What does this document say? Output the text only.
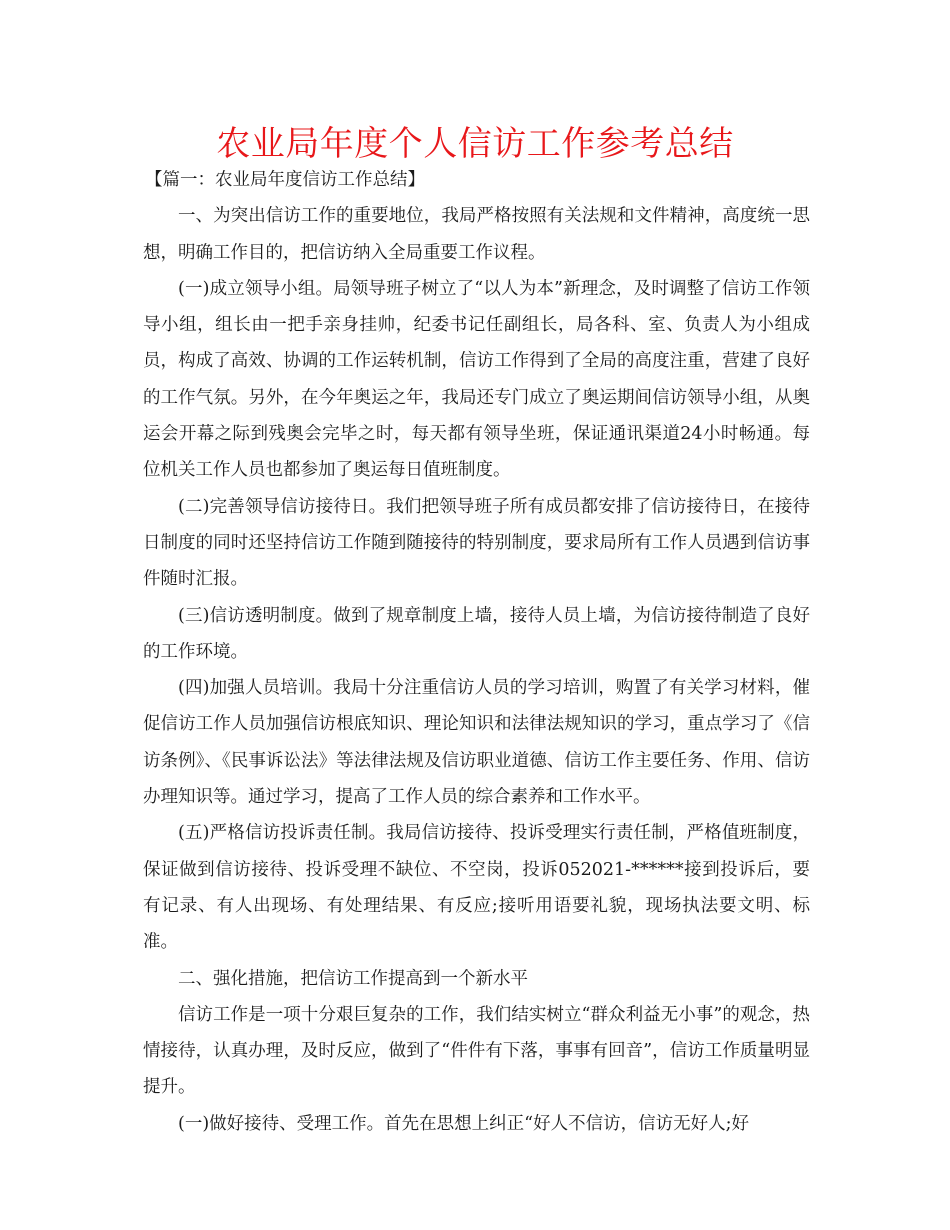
农业局年度个人信访工作参考总结

【篇一：农业局年度信访工作总结】

一、为突出信访工作的重要地位，我局严格按照有关法规和文件精神，高度统一思想，明确工作目的，把信访纳入全局重要工作议程。

(一)成立领导小组。局领导班子树立了“以人为本”新理念，及时调整了信访工作领导小组，组长由一把手亲身挂帅，纪委书记任副组长，局各科、室、负责人为小组成员，构成了高效、协调的工作运转机制，信访工作得到了全局的高度注重，营建了良好的工作气氛。另外，在今年奥运之年，我局还专门成立了奥运期间信访领导小组，从奥运会开幕之际到残奥会完毕之时，每天都有领导坐班，保证通讯渠道24小时畅通。每位机关工作人员也都参加了奥运每日值班制度。

(二)完善领导信访接待日。我们把领导班子所有成员都安排了信访接待日，在接待日制度的同时还坚持信访工作随到随接待的特别制度，要求局所有工作人员遇到信访事件随时汇报。

(三)信访透明制度。做到了规章制度上墙，接待人员上墙，为信访接待制造了良好的工作环境。

(四)加强人员培训。我局十分注重信访人员的学习培训，购置了有关学习材料，催促信访工作人员加强信访根底知识、理论知识和法律法规知识的学习，重点学习了《信访条例》、《民事诉讼法》等法律法规及信访职业道德、信访工作主要任务、作用、信访办理知识等。通过学习，提高了工作人员的综合素养和工作水平。

(五)严格信访投诉责任制。我局信访接待、投诉受理实行责任制，严格值班制度，保证做到信访接待、投诉受理不缺位、不空岗，投诉052021-******接到投诉后，要有记录、有人出现场、有处理结果、有反应;接听用语要礼貌，现场执法要文明、标准。

二、强化措施，把信访工作提高到一个新水平

信访工作是一项十分艰巨复杂的工作，我们结实树立“群众利益无小事”的观念，热情接待，认真办理，及时反应，做到了“件件有下落，事事有回音”，信访工作质量明显提升。

(一)做好接待、受理工作。首先在思想上纠正“好人不信访，信访无好人;好
